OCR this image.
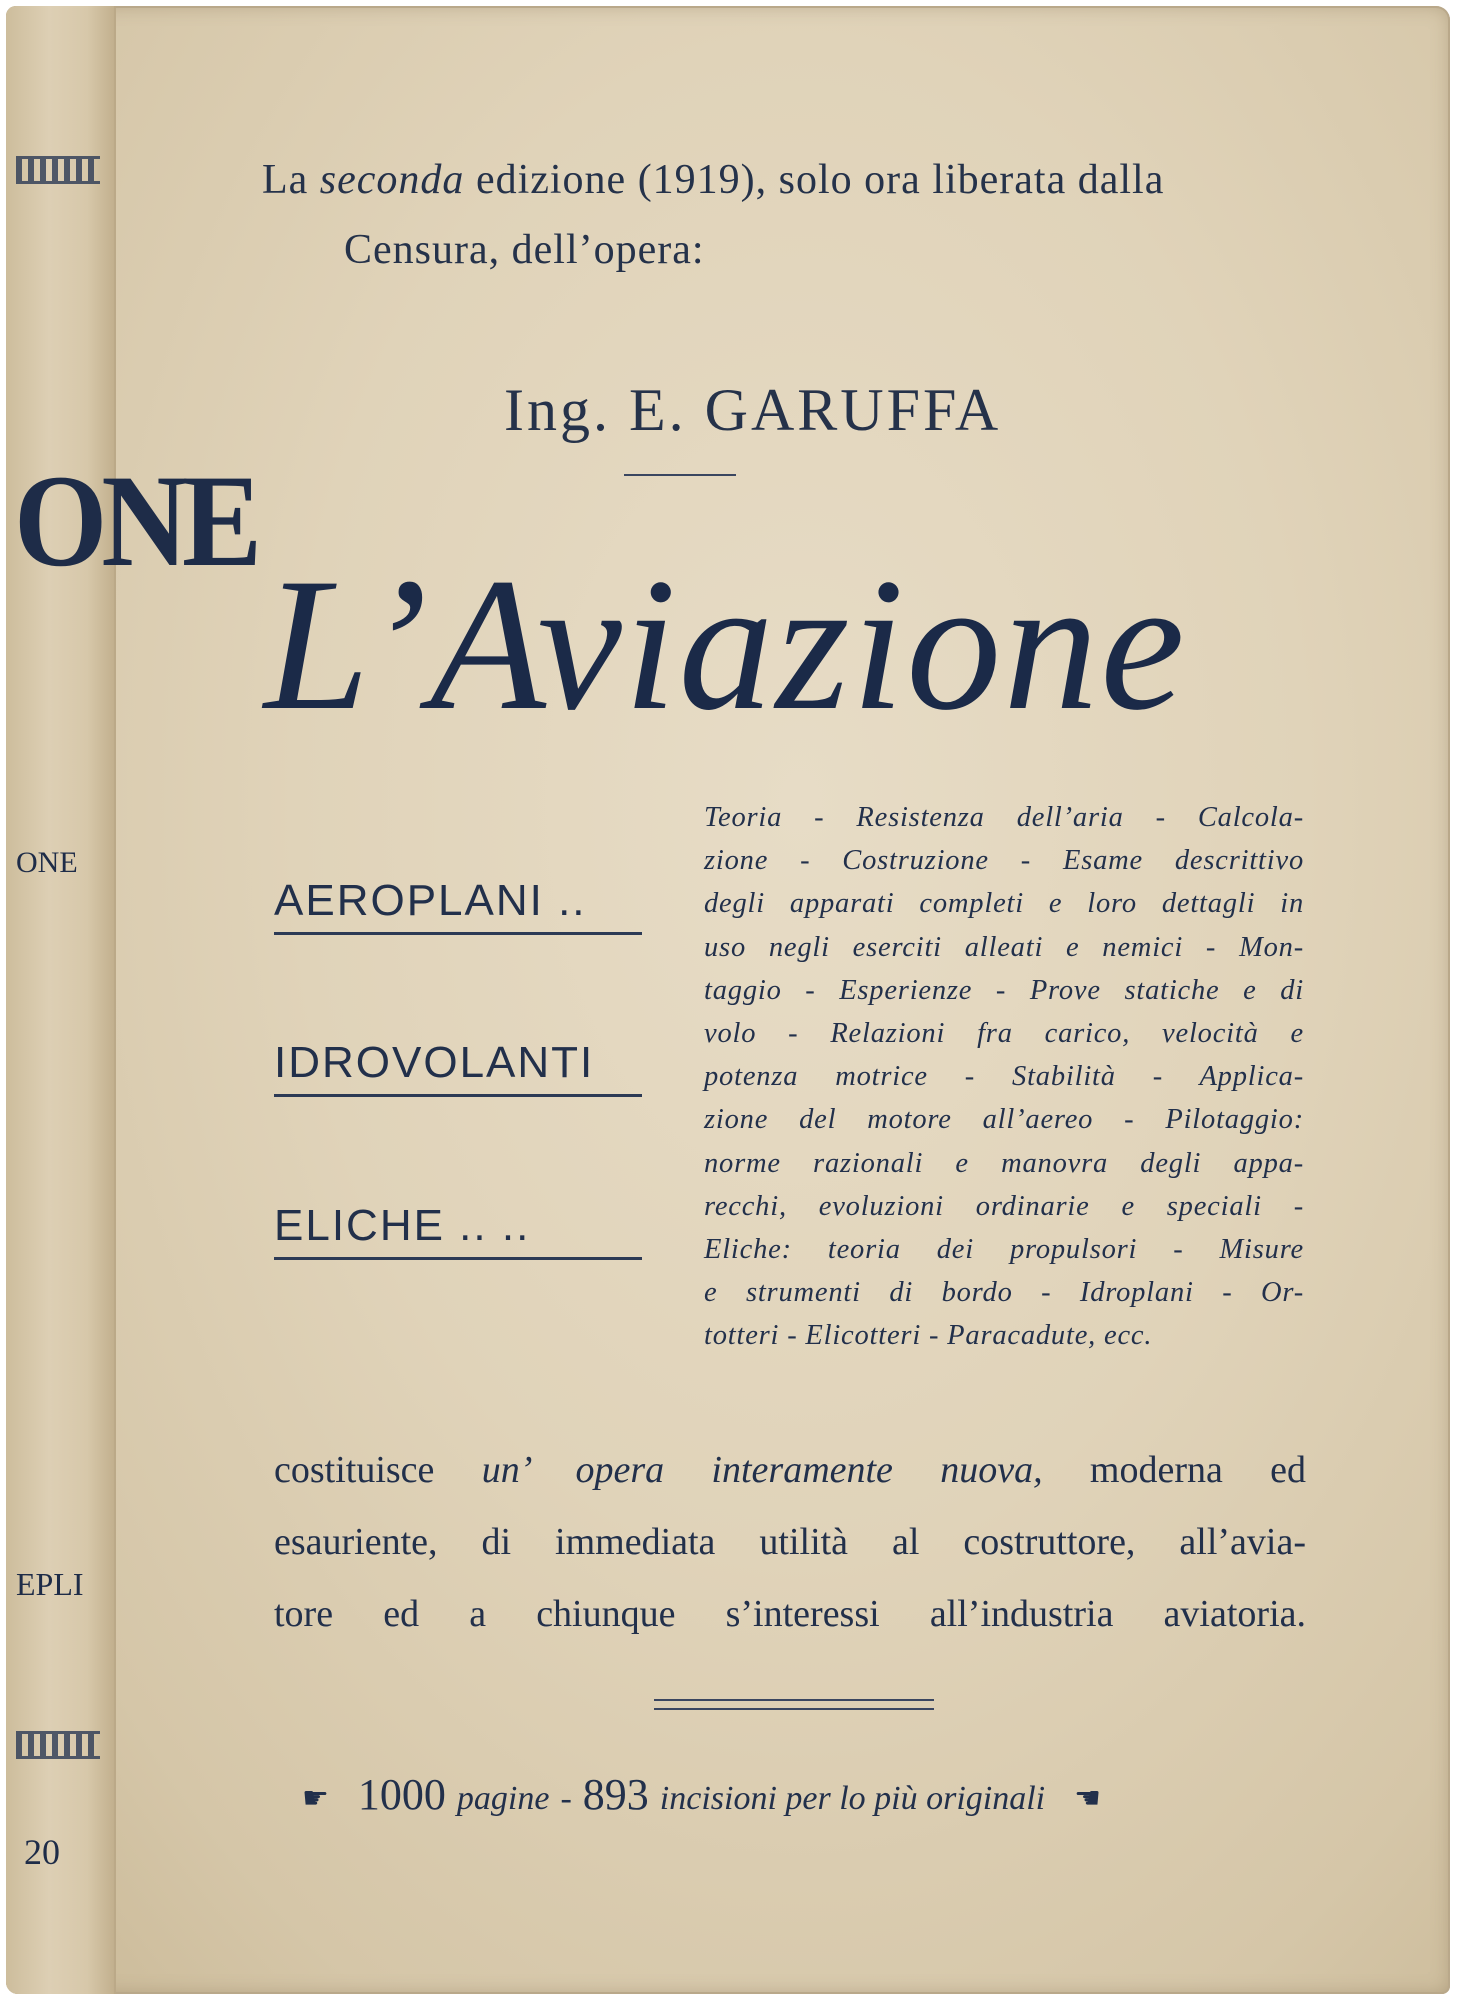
ONE
ONE
EPLI
20
La seconda edizione (1919), solo ora liberata dalla
Censura, dell’opera:
Ing. E. GARUFFA
L’Aviazione
AEROPLANI ..
IDROVOLANTI
ELICHE .. ..
Teoria - Resistenza dell’aria - Calcola-
zione - Costruzione - Esame descrittivo
degli apparati completi e loro dettagli in
uso negli eserciti alleati e nemici - Mon-
taggio - Esperienze - Prove statiche e di
volo - Relazioni fra carico, velocità e
potenza motrice - Stabilità - Applica-
zione del motore all’aereo - Pilotaggio:
norme razionali e manovra degli appa-
recchi, evoluzioni ordinarie e speciali -
Eliche: teoria dei propulsori - Misure
e strumenti di bordo - Idroplani - Or-
totteri - Elicotteri - Paracadute, ecc.
costituisce un’ opera interamente nuova, moderna ed
esauriente, di immediata utilità al costruttore, all’avia-
tore ed a chiunque s’interessi all’industria aviatoria.
☛ 1000 pagine - 893 incisioni per lo più originali ☚
